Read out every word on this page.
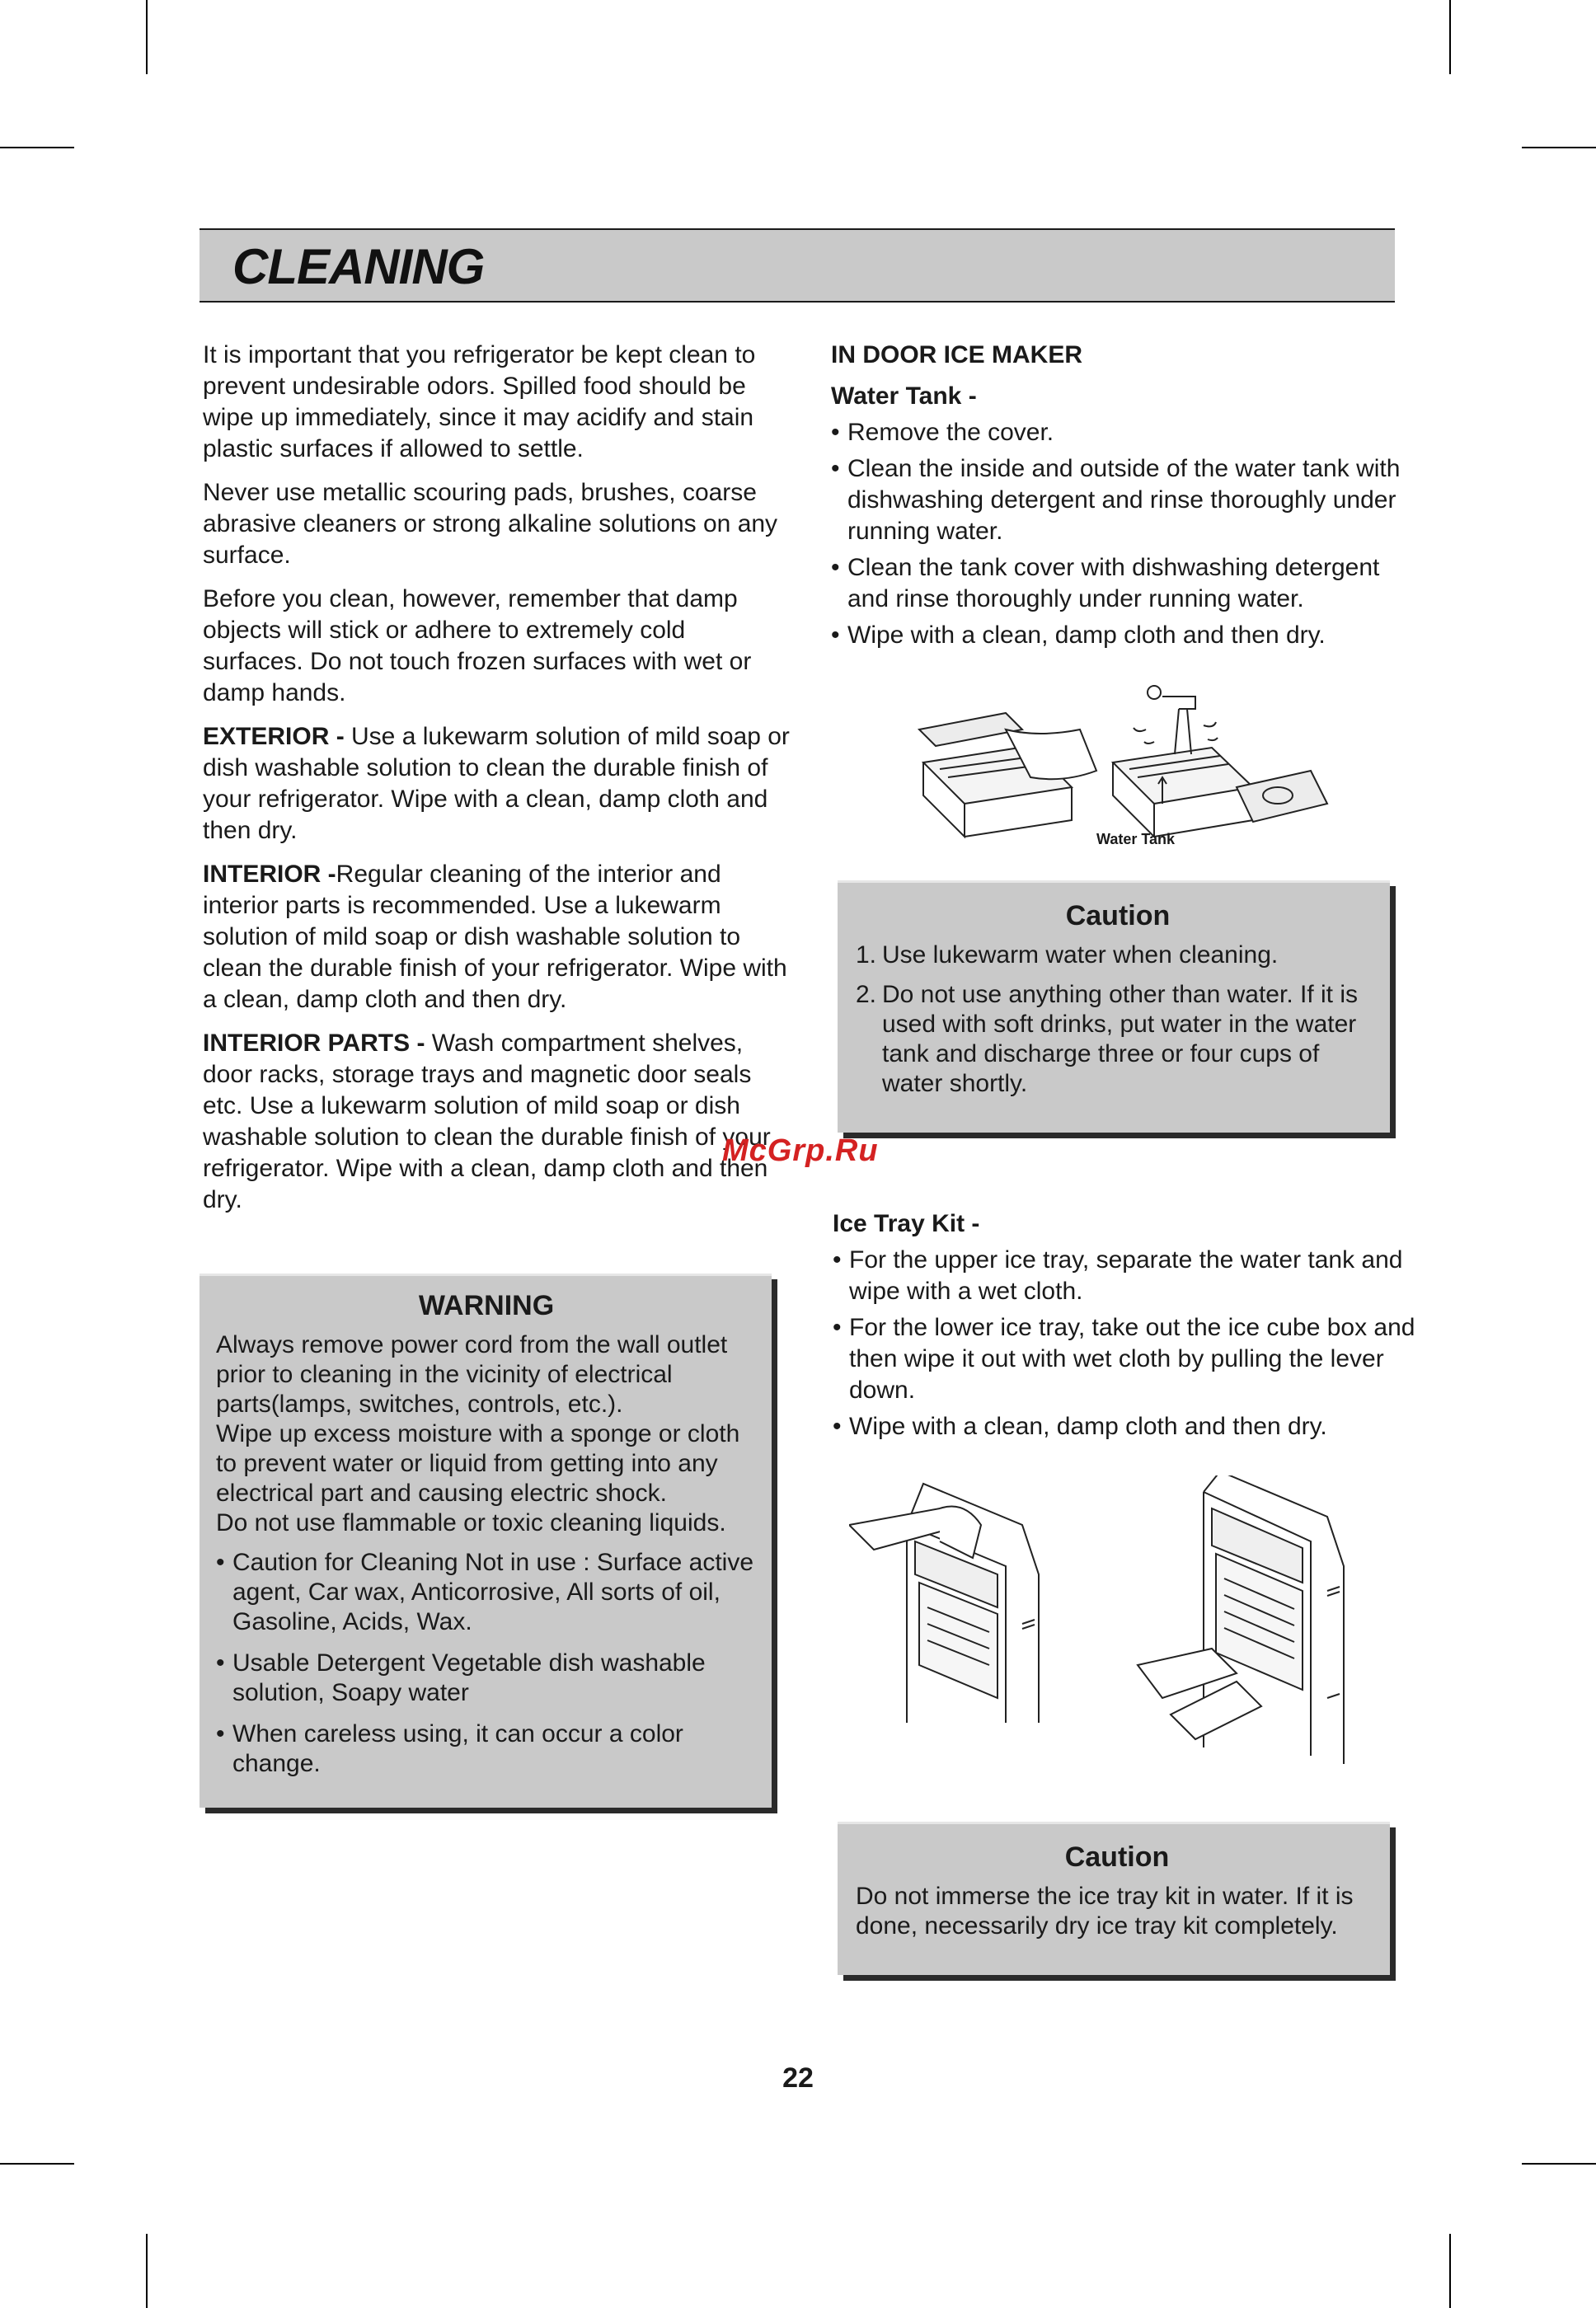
CLEANING

It is important that you refrigerator be kept clean to prevent undesirable odors. Spilled food should be wipe up immediately, since it may acidify and stain plastic surfaces if allowed to settle.

Never use metallic scouring pads, brushes, coarse abrasive cleaners or strong alkaline solutions on any surface.

Before you clean, however, remember that damp objects will stick or adhere to extremely cold surfaces. Do not touch frozen surfaces with wet or damp hands.

EXTERIOR - Use a lukewarm solution of mild soap or dish washable solution to clean the durable finish of your refrigerator. Wipe with a clean, damp cloth and then dry.

INTERIOR -Regular cleaning of the interior and interior parts is recommended. Use a lukewarm solution of mild soap or dish washable solution to clean the durable finish of your refrigerator. Wipe with a clean, damp cloth and then dry.

INTERIOR PARTS - Wash compartment shelves, door racks, storage trays and magnetic door seals etc. Use a lukewarm solution of mild soap or dish washable solution to clean the durable finish of your refrigerator. Wipe with a clean, damp cloth and then dry.

WARNING
Always remove power cord from the wall outlet prior to cleaning in the vicinity of electrical parts(lamps, switches, controls, etc.).
Wipe up excess moisture with a sponge or cloth to prevent water or liquid from getting into any electrical part and causing electric shock.
Do not use flammable or toxic cleaning liquids.
• Caution for Cleaning Not in use : Surface active agent, Car wax, Anticorrosive, All sorts of oil, Gasoline, Acids, Wax.
• Usable Detergent Vegetable dish washable solution, Soapy water
• When careless using, it can occur a color change.
IN DOOR ICE MAKER
Water Tank -
• Remove the cover.
• Clean the inside and outside of the water tank with dishwashing detergent and rinse thoroughly under running water.
• Clean the tank cover with dishwashing detergent and rinse thoroughly under running water.
• Wipe with a clean, damp cloth and then dry.
Water Tank
Caution
1. Use lukewarm water when cleaning.
2. Do not use anything other than water. If it is used with soft drinks, put water in the water tank and discharge three or four cups of water shortly.
McGrp.Ru
Ice Tray Kit -
• For the upper ice tray, separate the water tank and wipe with a wet cloth.
• For the lower ice tray, take out the ice cube box and then wipe it out with wet cloth by pulling the lever down.
• Wipe with a clean, damp cloth and then dry.
Caution
Do not immerse the ice tray kit in water. If it is done, necessarily dry ice tray kit completely.
22
